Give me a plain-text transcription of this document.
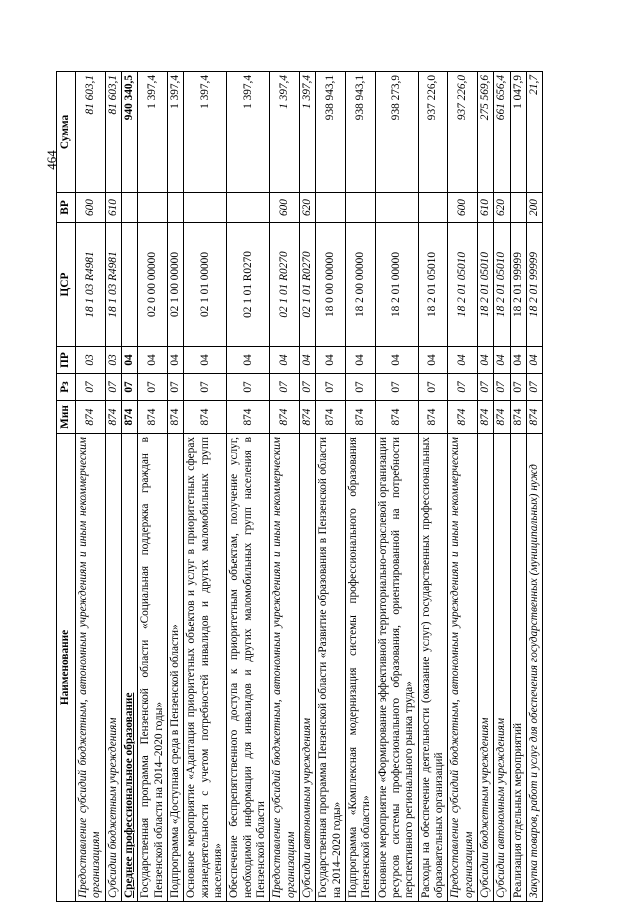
464
Наименование	Мин	Рз	ПР	ЦСР	ВР	Сумма
Предоставление субсидий бюджетным, автономным учреждениям и иным некоммерческим организациям	874	07	03	18 1 03 R4981	600	81 603,1
Субсидии бюджетным учреждениям	874	07	03	18 1 03 R4981	610	81 603,1
Среднее профессиональное образование	874	07	04			940 340,5
Государственная программа Пензенской области «Социальная поддержка граждан в Пензенской области на 2014–2020 годы»	874	07	04	02 0 00 00000		1 397,4
Подпрограмма «Доступная среда в Пензенской области»	874	07	04	02 1 00 00000		1 397,4
Основное мероприятие «Адаптация приоритетных объектов и услуг в приоритетных сферах жизнедеятельности с учетом потребностей инвалидов и других маломобильных групп населения»	874	07	04	02 1 01 00000		1 397,4
Обеспечение беспрепятственного доступа к приоритетным объектам, получение услуг, необходимой информации для инвалидов и других маломобильных групп населения в Пензенской области	874	07	04	02 1 01 R0270		1 397,4
Предоставление субсидий бюджетным, автономным учреждениям и иным некоммерческим организациям	874	07	04	02 1 01 R0270	600	1 397,4
Субсидии автономным учреждениям	874	07	04	02 1 01 R0270	620	1 397,4
Государственная программа Пензенской области «Развитие образования в Пензенской области на 2014–2020 годы»	874	07	04	18 0 00 00000		938 943,1
Подпрограмма «Комплексная модернизация системы профессионального образования Пензенской области»	874	07	04	18 2 00 00000		938 943,1
Основное мероприятие «Формирование эффективной территориально-отраслевой организации ресурсов системы профессионального образования, ориентированной на потребности перспективного регионального рынка труда»	874	07	04	18 2 01 00000		938 273,9
Расходы на обеспечение деятельности (оказание услуг) государственных профессиональных образовательных организаций	874	07	04	18 2 01 05010		937 226,0
Предоставление субсидий бюджетным, автономным учреждениям и иным некоммерческим организациям	874	07	04	18 2 01 05010	600	937 226,0
Субсидии бюджетным учреждениям	874	07	04	18 2 01 05010	610	275 569,6
Субсидии автономным учреждениям	874	07	04	18 2 01 05010	620	661 656,4
Реализация отдельных мероприятий	874	07	04	18 2 01 99999		1 047,9
Закупка товаров, работ и услуг для обеспечения государственных (муниципальных) нужд	874	07	04	18 2 01 99999	200	21,7
